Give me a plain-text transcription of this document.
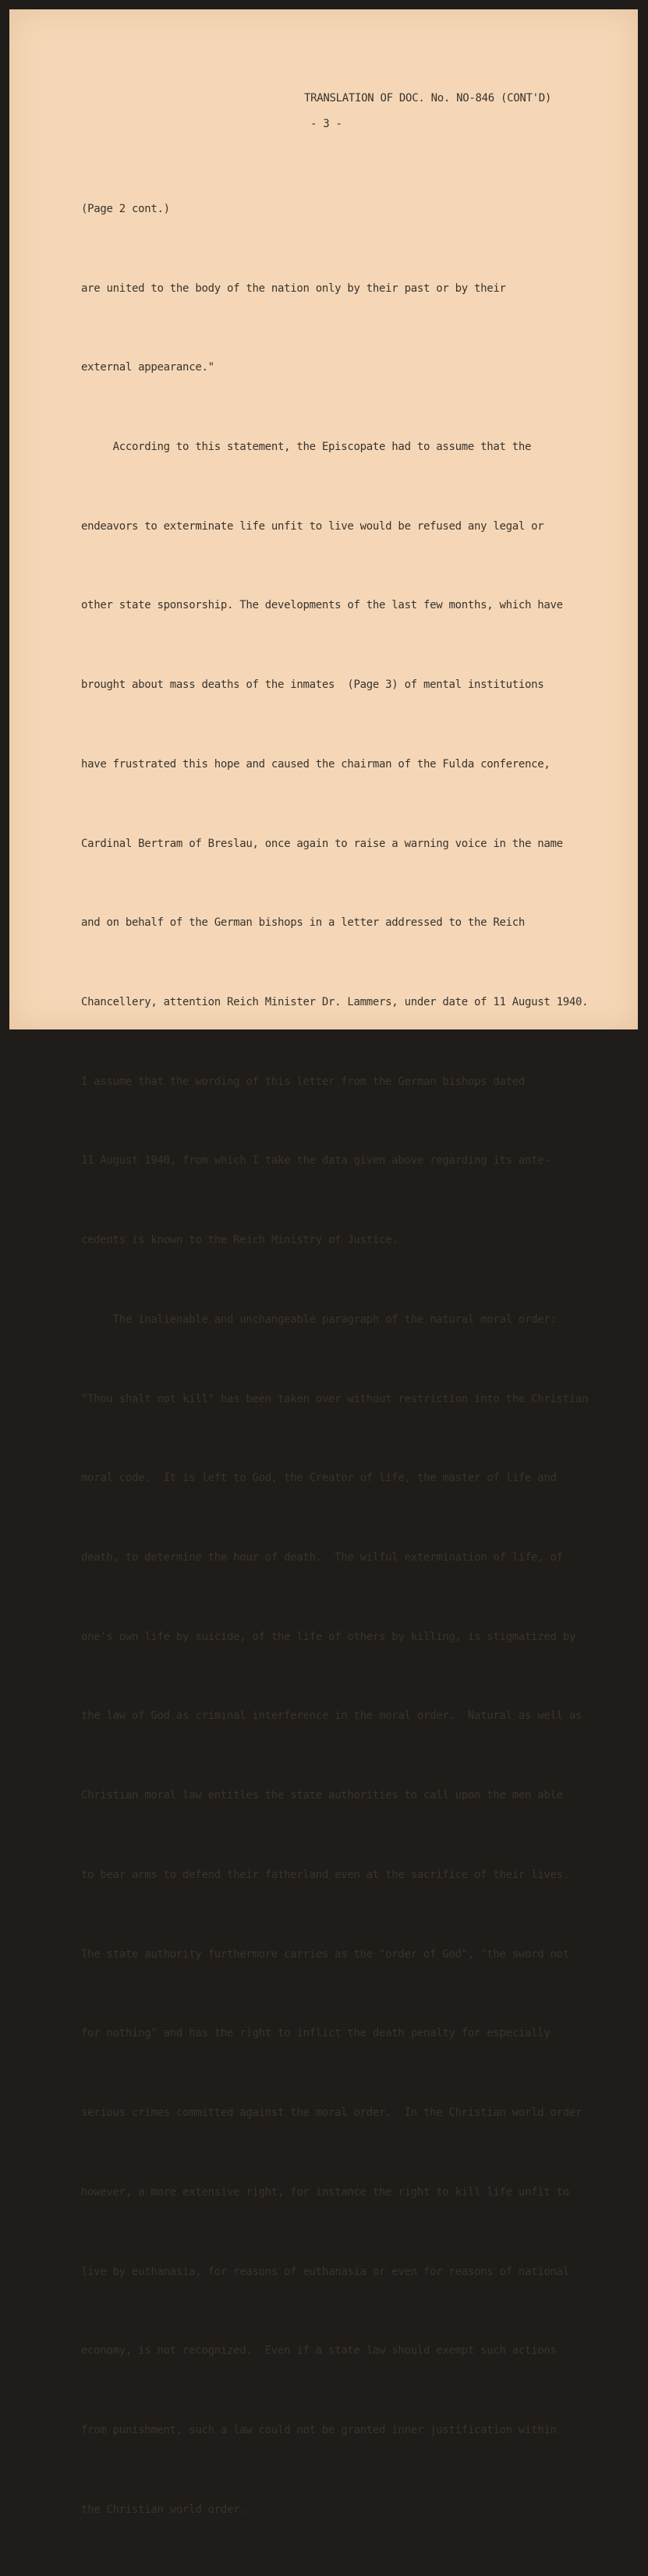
TRANSLATION OF DOC. No. NO-846 (CONT'D)
- 3 -

(Page 2 cont.)

are united to the body of the nation only by their past or by their

external appearance."

According to this statement, the Episcopate had to assume that the

endeavors to exterminate life unfit to live would be refused any legal or

other state sponsorship. The developments of the last few months, which have

brought about mass deaths of the inmates  (Page 3) of mental institutions

have frustrated this hope and caused the chairman of the Fulda conference,

Cardinal Bertram of Breslau, once again to raise a warning voice in the name

and on behalf of the German bishops in a letter addressed to the Reich

Chancellery, attention Reich Minister Dr. Lammers, under date of 11 August 1940.

I assume that the wording of this letter from the German bishops dated

11 August 1940, from which I take the data given above regarding its ante-

cedents is known to the Reich Ministry of Justice.

The inalienable and unchangeable paragraph of the natural moral order:

"Thou shalt not kill" has been taken over without restriction into the Christian

moral code.  It is left to God, the Creator of life, the master of life and

death, to determine the hour of death.  The wilful extermination of life, of

one's own life by suicide, of the life of others by killing, is stigmatized by

the law of God as criminal interference in the moral order.  Natural as well as

Christian moral law entitles the state authorities to call upon the men able

to bear arms to defend their fatherland even at the sacrifice of their lives.

The state authority furthermore carries as the "order of God", "the sword not

for nothing" and has the right to inflict the death penalty for especially

serious crimes committed against the moral order.  In the Christian world order

however, a more extensive right, for instance the right to kill life unfit to

live by euthanasia, for reasons of euthanasia or even for reasons of national

economy, is not recognized.  Even if a state law should exempt such actions

from punishment, such a law could not be granted inner justification within

the Christian world order.
